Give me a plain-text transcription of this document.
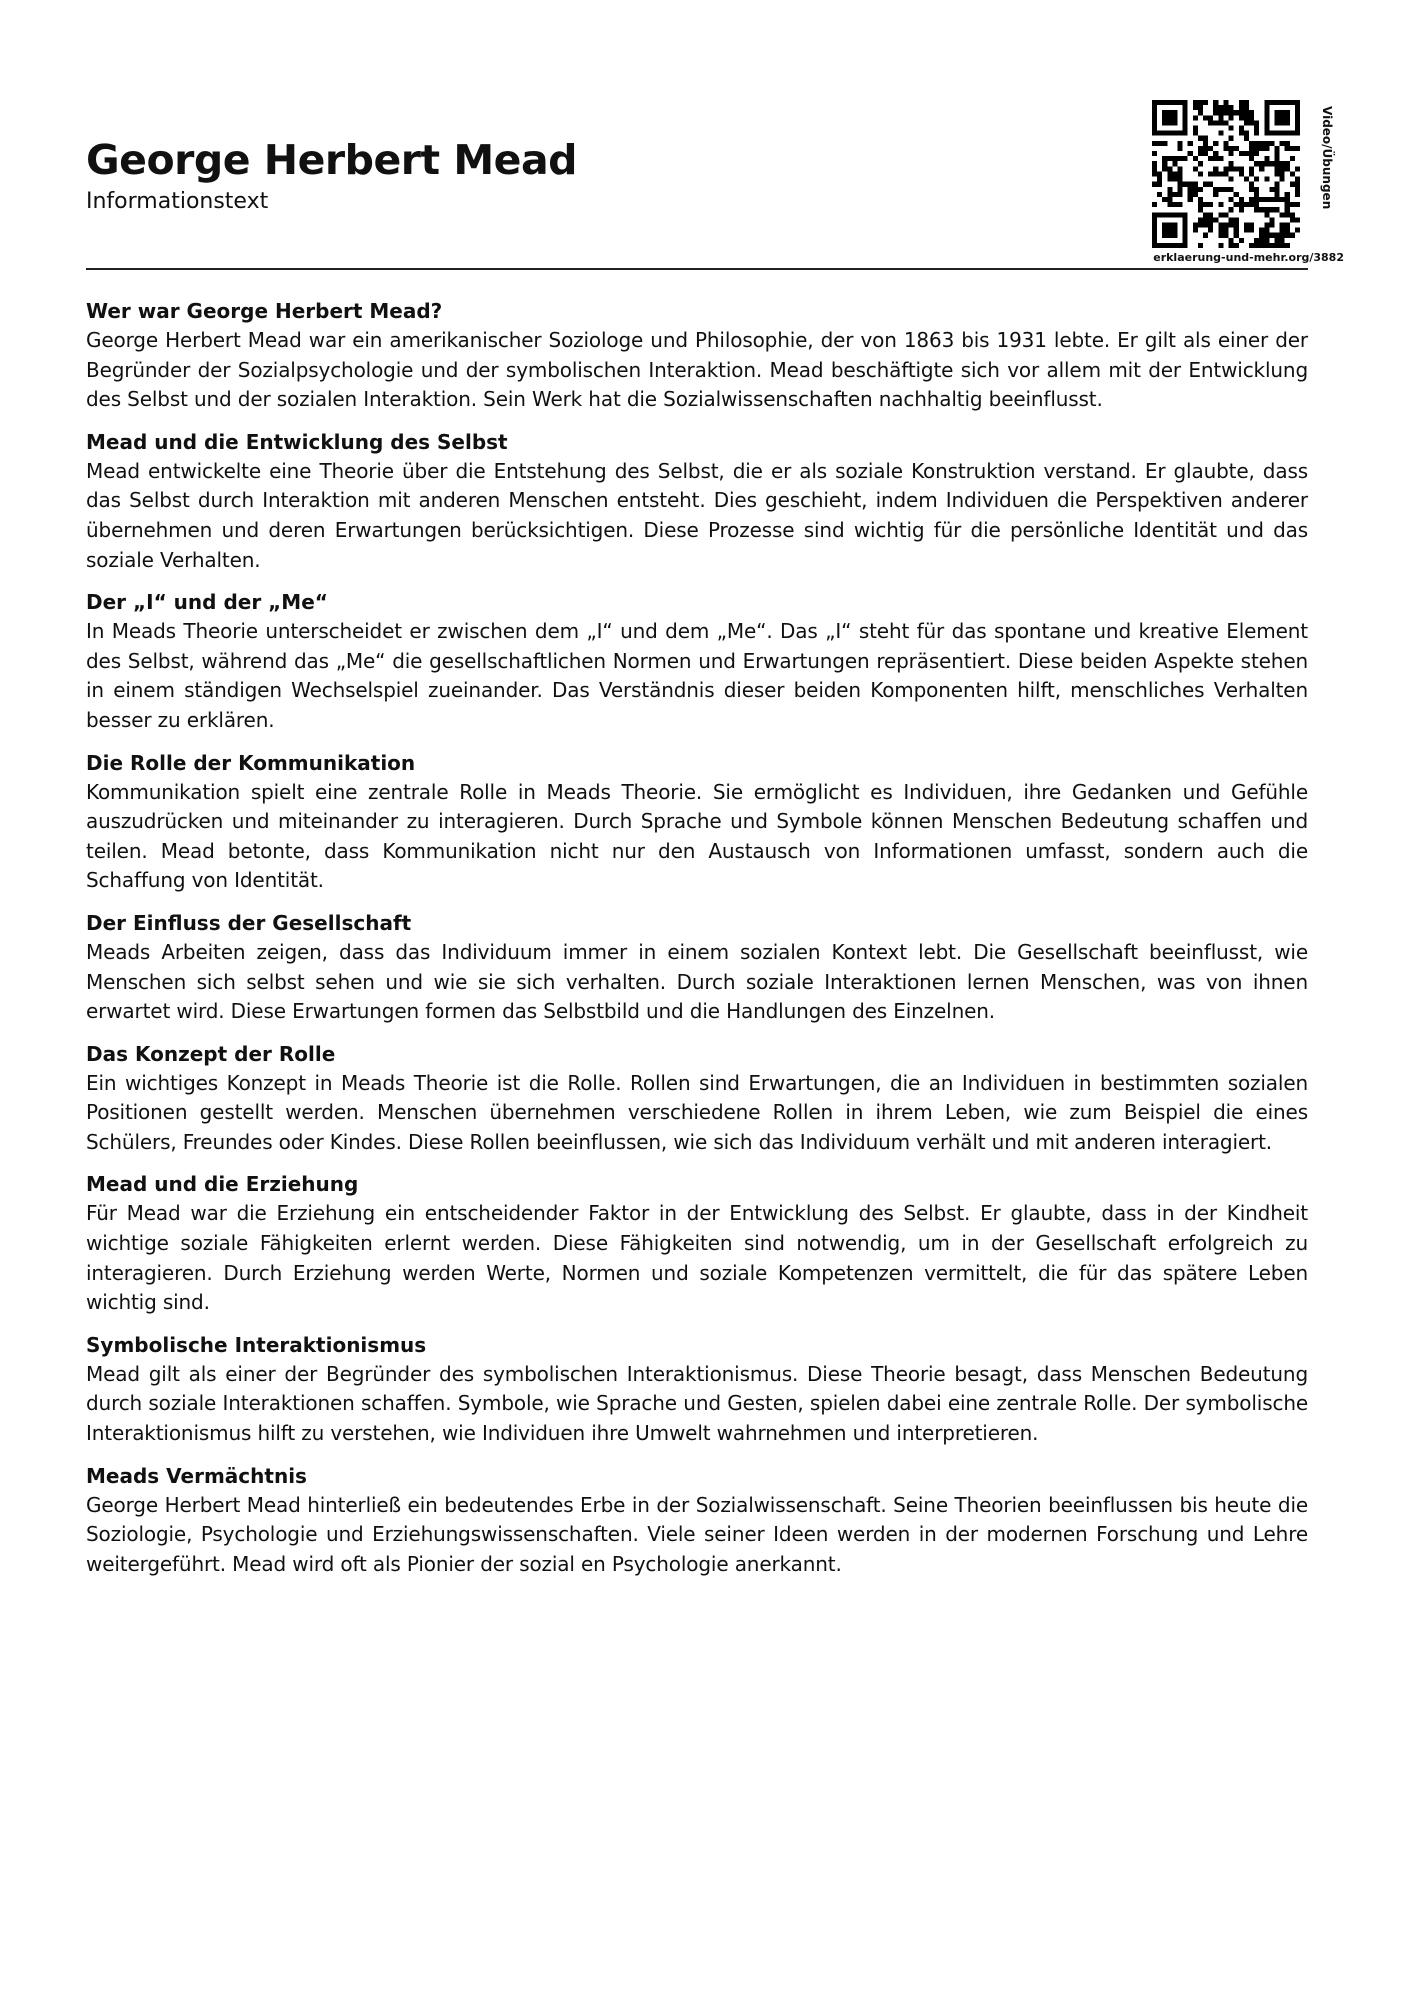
George Herbert Mead
Informationstext	Video/Übungen
erklaerung-und-mehr.org/3882
Wer war George Herbert Mead?

George Herbert Mead war ein amerikanischer Soziologe und Philosophie, der von 1863 bis 1931 lebte. Er gilt als einer der Begründer der Sozialpsychologie und der symbolischen Interaktion. Mead beschäftigte sich vor allem mit der Entwicklung des Selbst und der sozialen Interaktion. Sein Werk hat die Sozialwissenschaften nachhaltig beeinflusst.

Mead und die Entwicklung des Selbst

Mead entwickelte eine Theorie über die Entstehung des Selbst, die er als soziale Konstruktion verstand. Er glaubte, dass das Selbst durch Interaktion mit anderen Menschen entsteht. Dies geschieht, indem Individuen die Perspektiven anderer übernehmen und deren Erwartungen berücksichtigen. Diese Prozesse sind wichtig für die persönliche Identität und das soziale Verhalten.

Der „I“ und der „Me“

In Meads Theorie unterscheidet er zwischen dem „I“ und dem „Me“. Das „I“ steht für das spontane und kreative Element des Selbst, während das „Me“ die gesellschaftlichen Normen und Erwartungen repräsentiert. Diese beiden Aspekte stehen in einem ständigen Wechselspiel zueinander. Das Verständnis dieser beiden Komponenten hilft, menschliches Verhalten besser zu erklären.

Die Rolle der Kommunikation

Kommunikation spielt eine zentrale Rolle in Meads Theorie. Sie ermöglicht es Individuen, ihre Gedanken und Gefühle auszudrücken und miteinander zu interagieren. Durch Sprache und Symbole können Menschen Bedeutung schaffen und teilen. Mead betonte, dass Kommunikation nicht nur den Austausch von Informationen umfasst, sondern auch die Schaffung von Identität.

Der Einfluss der Gesellschaft

Meads Arbeiten zeigen, dass das Individuum immer in einem sozialen Kontext lebt. Die Gesellschaft beeinflusst, wie Menschen sich selbst sehen und wie sie sich verhalten. Durch soziale Interaktionen lernen Menschen, was von ihnen erwartet wird. Diese Erwartungen formen das Selbstbild und die Handlungen des Einzelnen.

Das Konzept der Rolle

Ein wichtiges Konzept in Meads Theorie ist die Rolle. Rollen sind Erwartungen, die an Individuen in bestimmten sozialen Positionen gestellt werden. Menschen übernehmen verschiedene Rollen in ihrem Leben, wie zum Beispiel die eines Schülers, Freundes oder Kindes. Diese Rollen beeinflussen, wie sich das Individuum verhält und mit anderen interagiert.

Mead und die Erziehung

Für Mead war die Erziehung ein entscheidender Faktor in der Entwicklung des Selbst. Er glaubte, dass in der Kindheit wichtige soziale Fähigkeiten erlernt werden. Diese Fähigkeiten sind notwendig, um in der Gesellschaft erfolgreich zu interagieren. Durch Erziehung werden Werte, Normen und soziale Kompetenzen vermittelt, die für das spätere Leben wichtig sind.

Symbolische Interaktionismus

Mead gilt als einer der Begründer des symbolischen Interaktionismus. Diese Theorie besagt, dass Menschen Bedeutung durch soziale Interaktionen schaffen. Symbole, wie Sprache und Gesten, spielen dabei eine zentrale Rolle. Der symbolische Interaktionismus hilft zu verstehen, wie Individuen ihre Umwelt wahrnehmen und interpretieren.

Meads Vermächtnis

George Herbert Mead hinterließ ein bedeutendes Erbe in der Sozialwissenschaft. Seine Theorien beeinflussen bis heute die Soziologie, Psychologie und Erziehungswissenschaften. Viele seiner Ideen werden in der modernen Forschung und Lehre weitergeführt. Mead wird oft als Pionier der sozial en Psychologie anerkannt.
